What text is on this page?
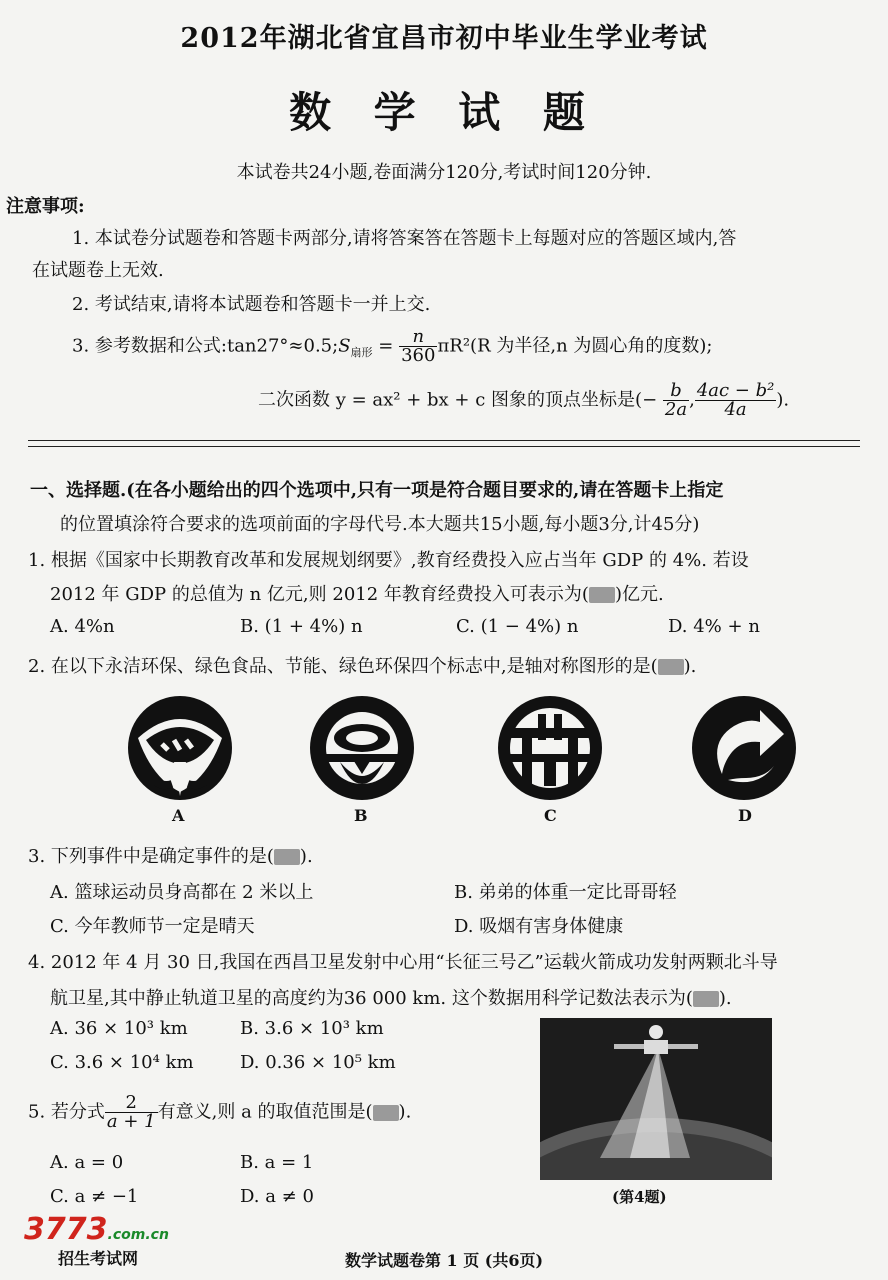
2012年湖北省宜昌市初中毕业生学业考试
数 学 试 题
本试卷共24小题,卷面满分120分,考试时间120分钟.
注意事项:
1. 本试卷分试题卷和答题卡两部分,请将答案答在答题卡上每题对应的答题区域内,答
在试题卷上无效.
2. 考试结束,请将本试题卷和答题卡一并上交.
3. 参考数据和公式$:\tan 27^\circ\approx 0.5;S_{扇形} = \frac{n}{360} \pi R^2(R$ 为半径,n 为圆心角的度数);
二次函数 y = ax² + bx + c 图象的顶点坐标是(− $\frac{b}{2a}$ , $\frac{\text{4ac − b²}}{4a}$ ).
一、选择题.(在各小题给出的四个选项中,只有一项是符合题目要求的,请在答题卡上指定
的位置填涂符合要求的选项前面的字母代号.本大题共15小题,每小题3分,计45分)
1. 根据《国家中长期教育改革和发展规划纲要》,教育经费投入应占当年 GDP 的 4%. 若设
2012 年 GDP 的总值为 n 亿元,则 2012 年教育经费投入可表示为( )亿元.
A. 4%n	B. (1 + 4%) n	C. (1 − 4%) n	D. 4% + n
2. 在以下永洁环保、绿色食品、节能、绿色环保四个标志中,是轴对称图形的是( ).
A	B	C	D
3. 下列事件中是确定事件的是( ).
A. 篮球运动员身高都在 2 米以上	B. 弟弟的体重一定比哥哥轻
C. 今年教师节一定是晴天	D. 吸烟有害身体健康
4. 2012 年 4 月 30 日,我国在西昌卫星发射中心用“长征三号乙”运载火箭成功发射两颗北斗导
航卫星,其中静止轨道卫星的高度约为36 000 km. 这个数据用科学记数法表示为( ).
A. 36 × 10³ km	B. 3.6 × 10³ km
C. 3.6 × 10⁴ km	D. 0.36 × 10⁵ km
(第4题)
5. 若分式 $\frac{2}{a + 1}$ 有意义,则 a 的取值范围是( ).
A. a = 0	B. a = 1
C. a ≠ −1	D. a ≠ 0
3773.com.cn
招生考试网	数学试题卷第 1 页 (共6页)
